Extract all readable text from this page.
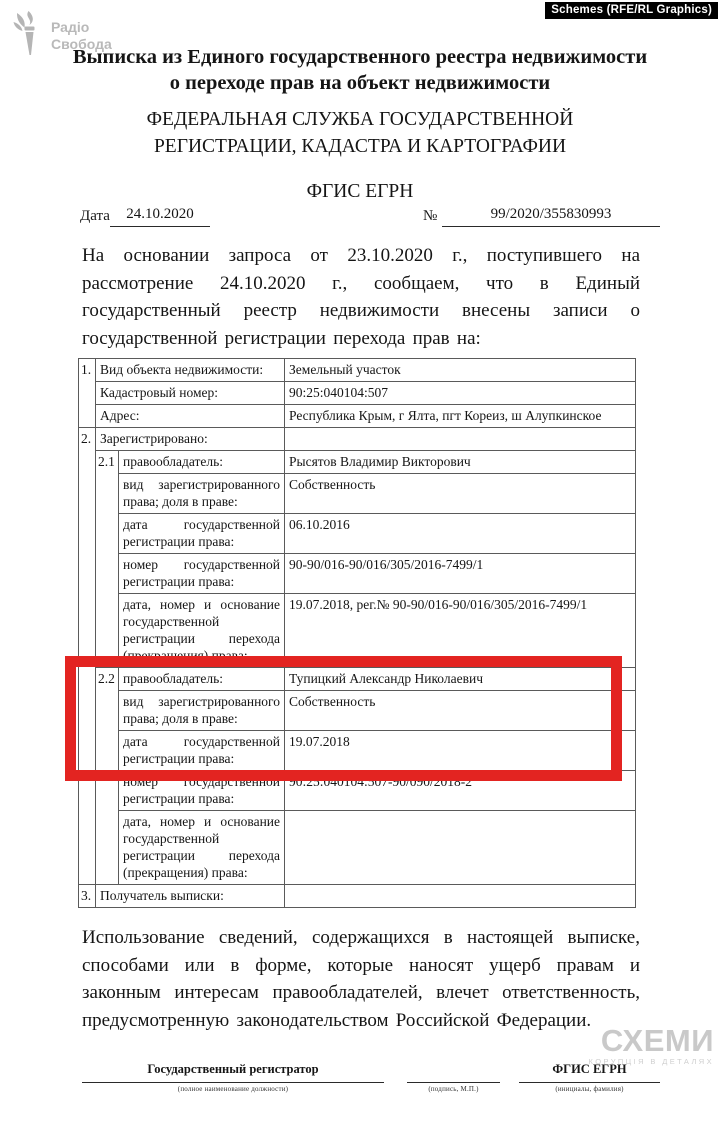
Schemes (RFE/RL Graphics)
Радіо
Свобода
Выписка из Единого государственного реестра недвижимости о переходе прав на объект недвижимости
ФЕДЕРАЛЬНАЯ СЛУЖБА ГОСУДАРСТВЕННОЙ РЕГИСТРАЦИИ, КАДАСТРА И КАРТОГРАФИИ
ФГИС ЕГРН
Дата	24.10.2020	№	99/2020/355830993
На основании запроса от 23.10.2020 г., поступившего на рассмотрение 24.10.2020 г., сообщаем, что в Единый государственный реестр недвижимости внесены записи о государственной регистрации перехода прав на:
1.	Вид объекта недвижимости:		Земельный участок
	Кадастровый номер:		90:25:040104:507
	Адрес:		Республика Крым, г Ялта, пгт Кореиз, ш Алупкинское
2.	Зарегистрировано:		
	2.1	правообладатель:	Рысятов Владимир Викторович
		вид зарегистрированного права; доля в праве:	Собственность
		дата государственной регистрации права:	06.10.2016
		номер государственной регистрации права:	90-90/016-90/016/305/2016-7499/1
		дата, номер и основание государственной регистрации перехода (прекращения) права:	19.07.2018, рег.№ 90-90/016-90/016/305/2016-7499/1
	2.2	правообладатель:	Тупицкий Александр Николаевич
		вид зарегистрированного права; доля в праве:	Собственность
		дата государственной регистрации права:	19.07.2018
		номер государственной регистрации права:	90:25:040104:507-90/090/2018-2
		дата, номер и основание государственной регистрации перехода (прекращения) права:	
3.	Получатель выписки:		
Использование сведений, содержащихся в настоящей выписке, способами или в форме, которые наносят ущерб правам и законным интересам правообладателей, влечет ответственность, предусмотренную законодательством Российской Федерации.
СХЕМИ
КОРУПЦІЯ В ДЕТАЛЯХ
Государственный регистратор
(полное наименование должности)	(подпись, М.П.)
ФГИС ЕГРН
(инициалы, фамилия)
